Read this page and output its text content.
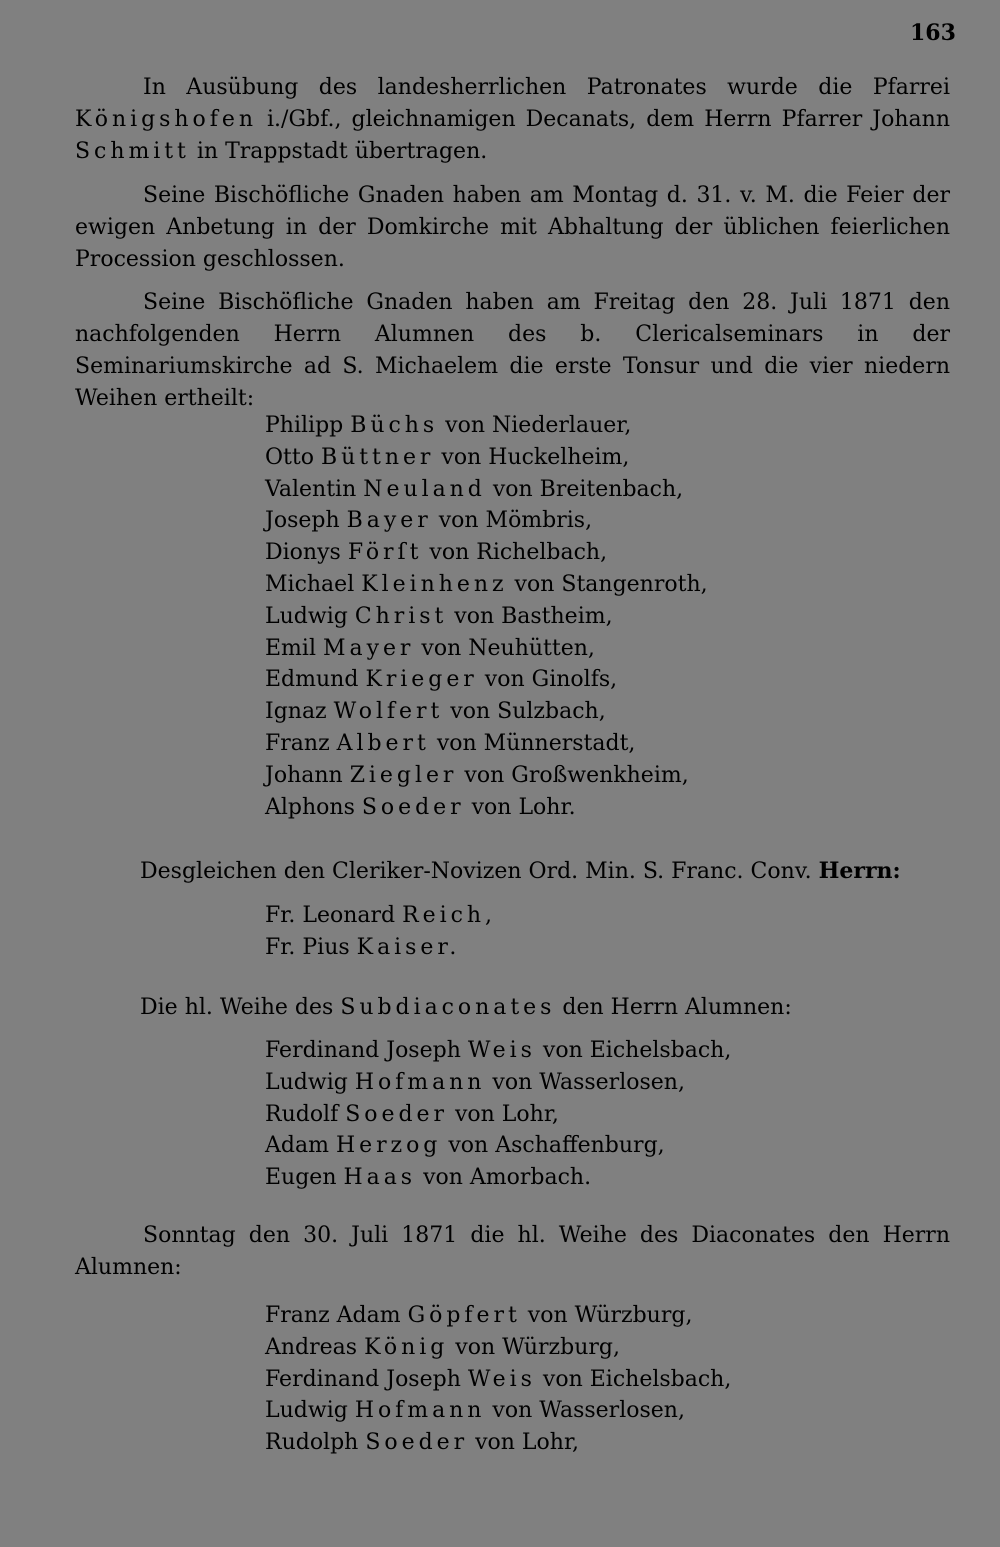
163

In Ausübung des landesherrlichen Patronates wurde die Pfarrei Königshofen i./Gbf., gleichnamigen Decanats, dem Herrn Pfarrer Johann Schmitt in Trappstadt übertragen.

Seine Bischöfliche Gnaden haben am Montag d. 31. v. M. die Feier der ewigen Anbetung in der Domkirche mit Abhaltung der üblichen feierlichen Procession geschlossen.

Seine Bischöfliche Gnaden haben am Freitag den 28. Juli 1871 den nachfolgenden Herrn Alumnen des b. Clericalseminars in der Seminariumskirche ad S. Michaelem die erste Tonsur und die vier niedern Weihen ertheilt:

Philipp Büchs von Niederlauer,
Otto Büttner von Huckelheim,
Valentin Neuland von Breitenbach,
Joseph Bayer von Mömbris,
Dionys Förſt von Richelbach,
Michael Kleinhenz von Stangenroth,
Ludwig Christ von Bastheim,
Emil Mayer von Neuhütten,
Edmund Krieger von Ginolfs,
Ignaz Wolfert von Sulzbach,
Franz Albert von Münnerstadt,
Johann Ziegler von Großwenkheim,
Alphons Soeder von Lohr.

Desgleichen den Cleriker-Novizen Ord. Min. S. Franc. Conv. Herrn:

Fr. Leonard Reich,
Fr. Pius Kaiser.

Die hl. Weihe des Subdiaconates den Herrn Alumnen:

Ferdinand Joseph Weis von Eichelsbach,
Ludwig Hofmann von Wasserlosen,
Rudolf Soeder von Lohr,
Adam Herzog von Aschaffenburg,
Eugen Haas von Amorbach.

Sonntag den 30. Juli 1871 die hl. Weihe des Diaconates den Herrn Alumnen:

Franz Adam Göpfert von Würzburg,
Andreas König von Würzburg,
Ferdinand Joseph Weis von Eichelsbach,
Ludwig Hofmann von Wasserlosen,
Rudolph Soeder von Lohr,
